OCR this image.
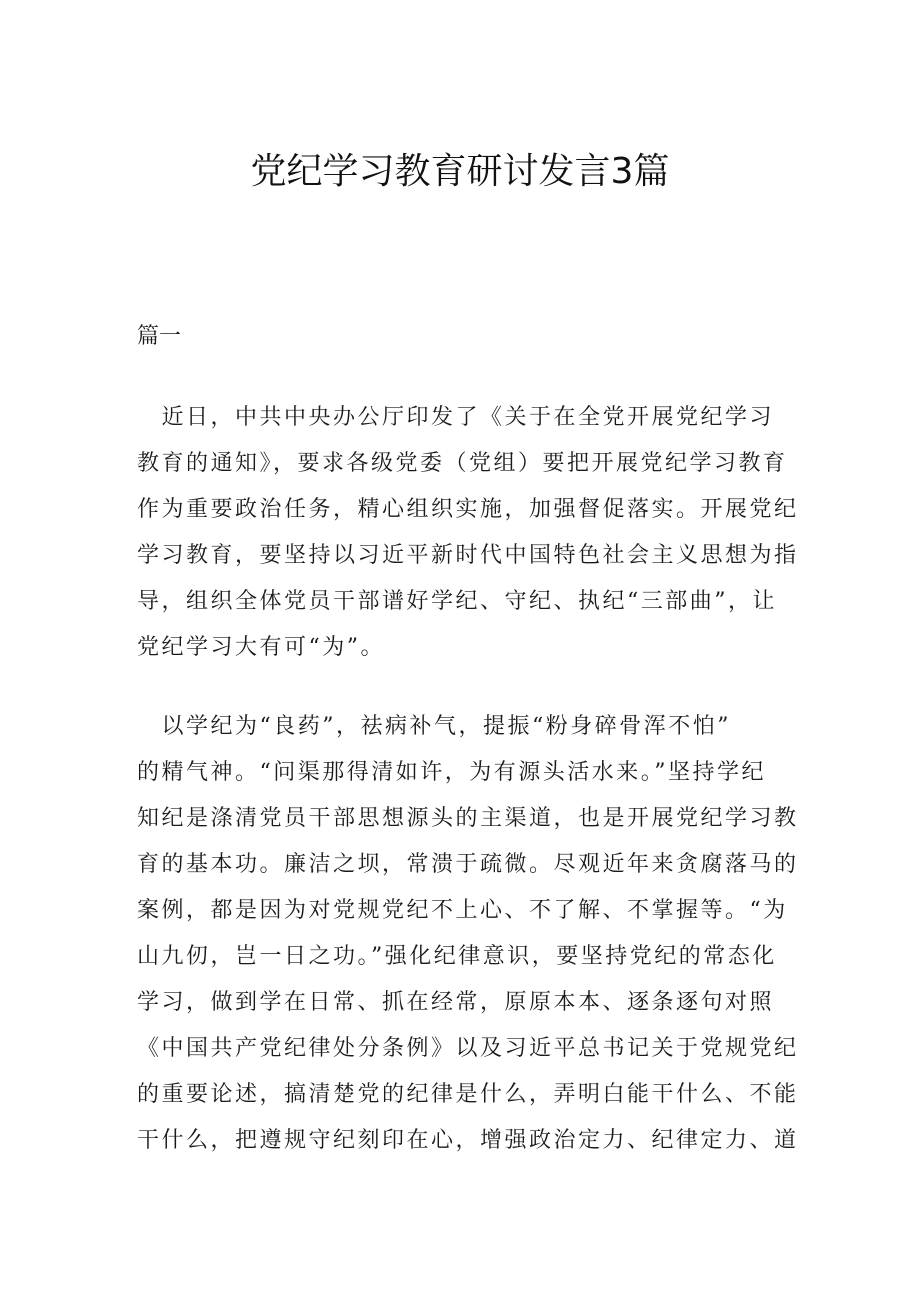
党纪学习教育研讨发言3篇

篇一

　近日，中共中央办公厅印发了《关于在全党开展党纪学习
教育的通知》，要求各级党委（党组）要把开展党纪学习教育
作为重要政治任务，精心组织实施，加强督促落实。开展党纪
学习教育，要坚持以习近平新时代中国特色社会主义思想为指
导，组织全体党员干部谱好学纪、守纪、执纪“三部曲”，让
党纪学习大有可“为”。
　以学纪为“良药”，祛病补气，提振“粉身碎骨浑不怕”
的精气神。“问渠那得清如许，为有源头活水来。”坚持学纪
知纪是涤清党员干部思想源头的主渠道，也是开展党纪学习教
育的基本功。廉洁之坝，常溃于疏微。尽观近年来贪腐落马的
案例，都是因为对党规党纪不上心、不了解、不掌握等。“为
山九仞，岂一日之功。”强化纪律意识，要坚持党纪的常态化
学习，做到学在日常、抓在经常，原原本本、逐条逐句对照
《中国共产党纪律处分条例》以及习近平总书记关于党规党纪
的重要论述，搞清楚党的纪律是什么，弄明白能干什么、不能
干什么，把遵规守纪刻印在心，增强政治定力、纪律定力、道
